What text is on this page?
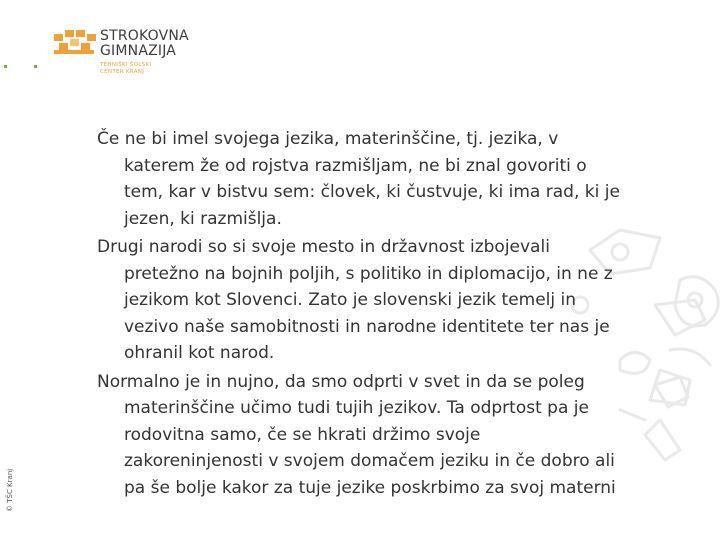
STROKOVNA
GIMNAZIJA
TEHNIŠKI ŠOLSKI
CENTER KRANJ
© TŠC Kranj

Če ne bi imel svojega jezika, materinščine, tj. jezika, v
katerem že od rojstva razmišljam, ne bi znal govoriti o
tem, kar v bistvu sem: človek, ki čustvuje, ki ima rad, ki je
jezen, ki razmišlja.

Drugi narodi so si svoje mesto in državnost izbojevali
pretežno na bojnih poljih, s politiko in diplomacijo, in ne z
jezikom kot Slovenci. Zato je slovenski jezik temelj in
vezivo naše samobitnosti in narodne identitete ter nas je
ohranil kot narod.

Normalno je in nujno, da smo odprti v svet in da se poleg
materinščine učimo tudi tujih jezikov. Ta odprtost pa je
rodovitna samo, če se hkrati držimo svoje
zakoreninjenosti v svojem domačem jeziku in če dobro ali
pa še bolje kakor za tuje jezike poskrbimo za svoj materni
